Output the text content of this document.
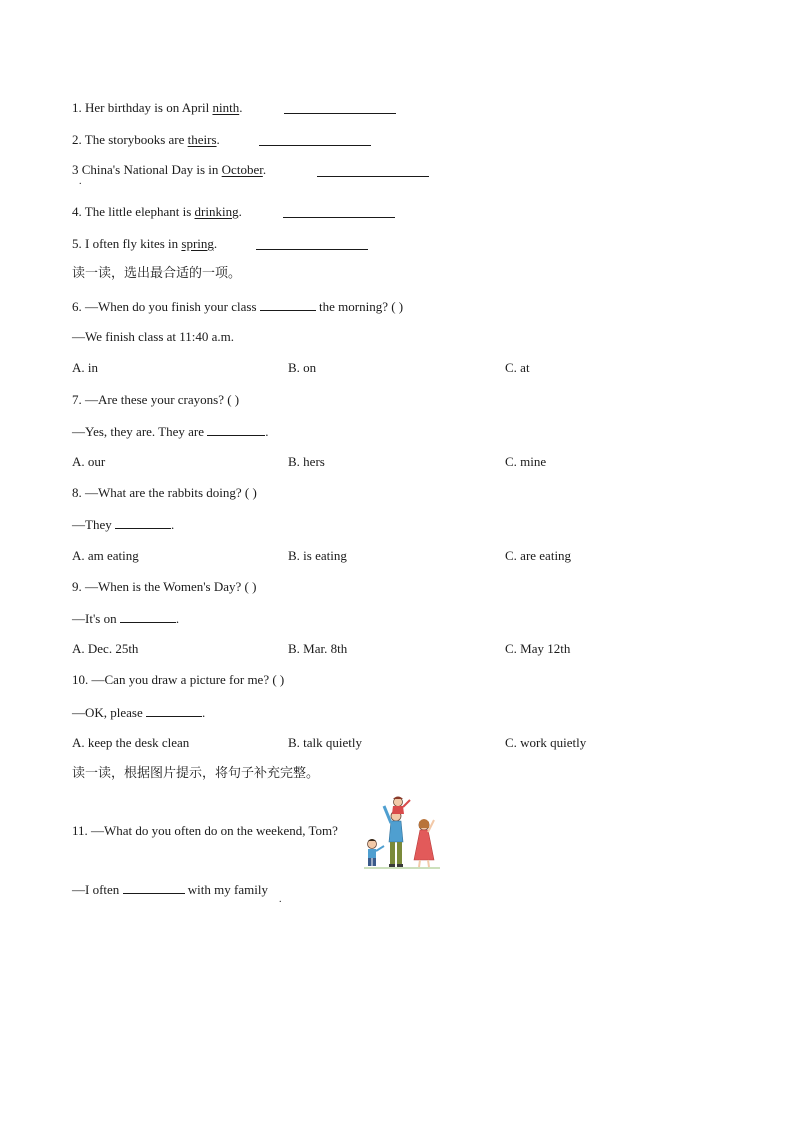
1. Her birthday is on April ninth.
2. The storybooks are theirs.
3 China's National Day is in October.
.
4. The little elephant is drinking.
5. I often fly kites in spring.
读一读，选出最合适的一项。
6. —When do you finish your class	the morning? ( )
—We finish class at 11:40 a.m.
A. in	B. on	C. at
7. —Are these your crayons? ( )
—Yes, they are. They are	.
A. our	B. hers	C. mine
8. —What are the rabbits doing? ( )
—They	.
A. am eating	B. is eating	C. are eating
9. —When is the Women's Day? ( )
—It's on	.
A. Dec. 25th	B. Mar. 8th	C. May 12th
10. —Can you draw a picture for me? ( )
—OK, please	.
A. keep the desk clean	B. talk quietly	C. work quietly
读一读，根据图片提示，将句子补充完整。
11. —What do you often do on the weekend, Tom?
—I often	with my family
.
